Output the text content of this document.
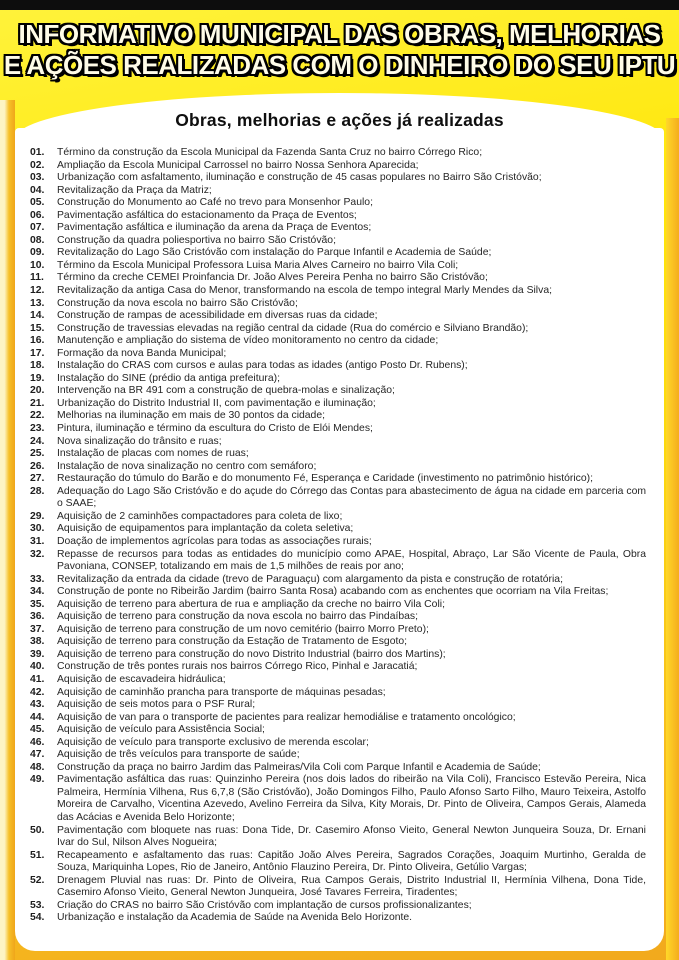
INFORMATIVO MUNICIPAL DAS OBRAS, MELHORIAS
E AÇÕES REALIZADAS COM O DINHEIRO DO SEU IPTU
Obras, melhorias e ações já realizadas
01.	Término da construção da Escola Municipal da Fazenda Santa Cruz no bairro Córrego Rico;
02.	Ampliação da Escola Municipal Carrossel no bairro Nossa Senhora Aparecida;
03.	Urbanização com asfaltamento, iluminação e construção de 45 casas populares no Bairro São Cristóvão;
04.	Revitalização da Praça da Matriz;
05.	Construção do Monumento ao Café no trevo para Monsenhor Paulo;
06.	Pavimentação asfáltica do estacionamento da Praça de Eventos;
07.	Pavimentação asfáltica e iluminação da arena da Praça de Eventos;
08.	Construção da quadra poliesportiva no bairro São Cristóvão;
09.	Revitalização do Lago São Cristóvão com instalação do Parque Infantil e Academia de Saúde;
10.	Término da Escola Municipal Professora Luisa Maria Alves Carneiro no bairro Vila Coli;
11.	Término da creche CEMEI Proinfancia Dr. João Alves Pereira Penha no bairro São Cristóvão;
12.	Revitalização da antiga Casa do Menor, transformando na escola de tempo integral Marly Mendes da Silva;
13.	Construção da nova escola no bairro São Cristóvão;
14.	Construção de rampas de acessibilidade em diversas ruas da cidade;
15.	Construção de travessias elevadas na região central da cidade (Rua do comércio e Silviano Brandão);
16.	Manutenção e ampliação do sistema de vídeo monitoramento no centro da cidade;
17.	Formação da nova Banda Municipal;
18.	Instalação do CRAS com cursos e aulas para todas as idades (antigo Posto Dr. Rubens);
19.	Instalação do SINE (prédio da antiga prefeitura);
20.	Intervenção na BR 491 com a construção de quebra-molas e sinalização;
21.	Urbanização do Distrito Industrial II, com pavimentação e iluminação;
22.	Melhorias na iluminação em mais de 30 pontos da cidade;
23.	Pintura, iluminação e término da escultura do Cristo de Elói Mendes;
24.	Nova sinalização do trânsito e ruas;
25.	Instalação de placas com nomes de ruas;
26.	Instalação de nova sinalização no centro com semáforo;
27.	Restauração do túmulo do Barão e do monumento Fé, Esperança e Caridade (investimento no patrimônio histórico);
28.	Adequação do Lago São Cristóvão e do açude do Córrego das Contas para abastecimento de água na cidade em parceria com o SAAE;
29.	Aquisição de 2 caminhões compactadores para coleta de lixo;
30.	Aquisição de equipamentos para implantação da coleta seletiva;
31.	Doação de implementos agrícolas para todas as associações rurais;
32.	Repasse de recursos para todas as entidades do município como APAE, Hospital, Abraço, Lar São Vicente de Paula, Obra Pavoniana, CONSEP, totalizando em mais de 1,5 milhões de reais por ano;
33.	Revitalização da entrada da cidade (trevo de Paraguaçu) com alargamento da pista e construção de rotatória;
34.	Construção de ponte no Ribeirão Jardim (bairro Santa Rosa) acabando com as enchentes que ocorriam na Vila Freitas;
35.	Aquisição de terreno para abertura de rua e ampliação da creche no bairro Vila Coli;
36.	Aquisição de terreno para construção da nova escola no bairro das Pindaíbas;
37.	Aquisição de terreno para construção de um novo cemitério (bairro Morro Preto);
38.	Aquisição de terreno para construção da Estação de Tratamento de Esgoto;
39.	Aquisição de terreno para construção do novo Distrito Industrial (bairro dos Martins);
40.	Construção de três pontes rurais nos bairros Córrego Rico, Pinhal e Jaracatiá;
41.	Aquisição de escavadeira hidráulica;
42.	Aquisição de caminhão prancha para transporte de máquinas pesadas;
43.	Aquisição de seis motos para o PSF Rural;
44.	Aquisição de van para o transporte de pacientes para realizar hemodiálise e tratamento oncológico;
45.	Aquisição de veículo para Assistência Social;
46.	Aquisição de veículo para transporte exclusivo de merenda escolar;
47.	Aquisição de três veículos para transporte de saúde;
48.	Construção da praça no bairro Jardim das Palmeiras/Vila Coli com Parque Infantil e Academia de Saúde;
49.	Pavimentação asfáltica das ruas: Quinzinho Pereira (nos dois lados do ribeirão na Vila Coli), Francisco Estevão Pereira, Nica Palmeira, Hermínia Vilhena, Rus 6,7,8 (São Cristóvão), João Domingos Filho, Paulo Afonso Sarto Filho, Mauro Teixeira, Astolfo Moreira de Carvalho, Vicentina Azevedo, Avelino Ferreira da Silva, Kity Morais, Dr. Pinto de Oliveira, Campos Gerais, Alameda das Acácias e Avenida Belo Horizonte;
50.	Pavimentação com bloquete nas ruas: Dona Tide, Dr. Casemiro Afonso Vieito, General Newton Junqueira Souza, Dr. Ernani Ivar do Sul, Nilson Alves Nogueira;
51.	Recapeamento e asfaltamento das ruas: Capitão João Alves Pereira, Sagrados Corações, Joaquim Murtinho, Geralda de Souza, Mariquinha Lopes, Rio de Janeiro, Antônio Flauzino Pereira, Dr. Pinto Oliveira, Getúlio Vargas;
52.	Drenagem Pluvial nas ruas: Dr. Pinto de Oliveira, Rua Campos Gerais, Distrito Industrial II, Hermínia Vilhena, Dona Tide, Casemiro Afonso Vieito, General Newton Junqueira, José Tavares Ferreira, Tiradentes;
53.	Criação do CRAS no bairro São Cristóvão com implantação de cursos profissionalizantes;
54.	Urbanização e instalação da Academia de Saúde na Avenida Belo Horizonte.
